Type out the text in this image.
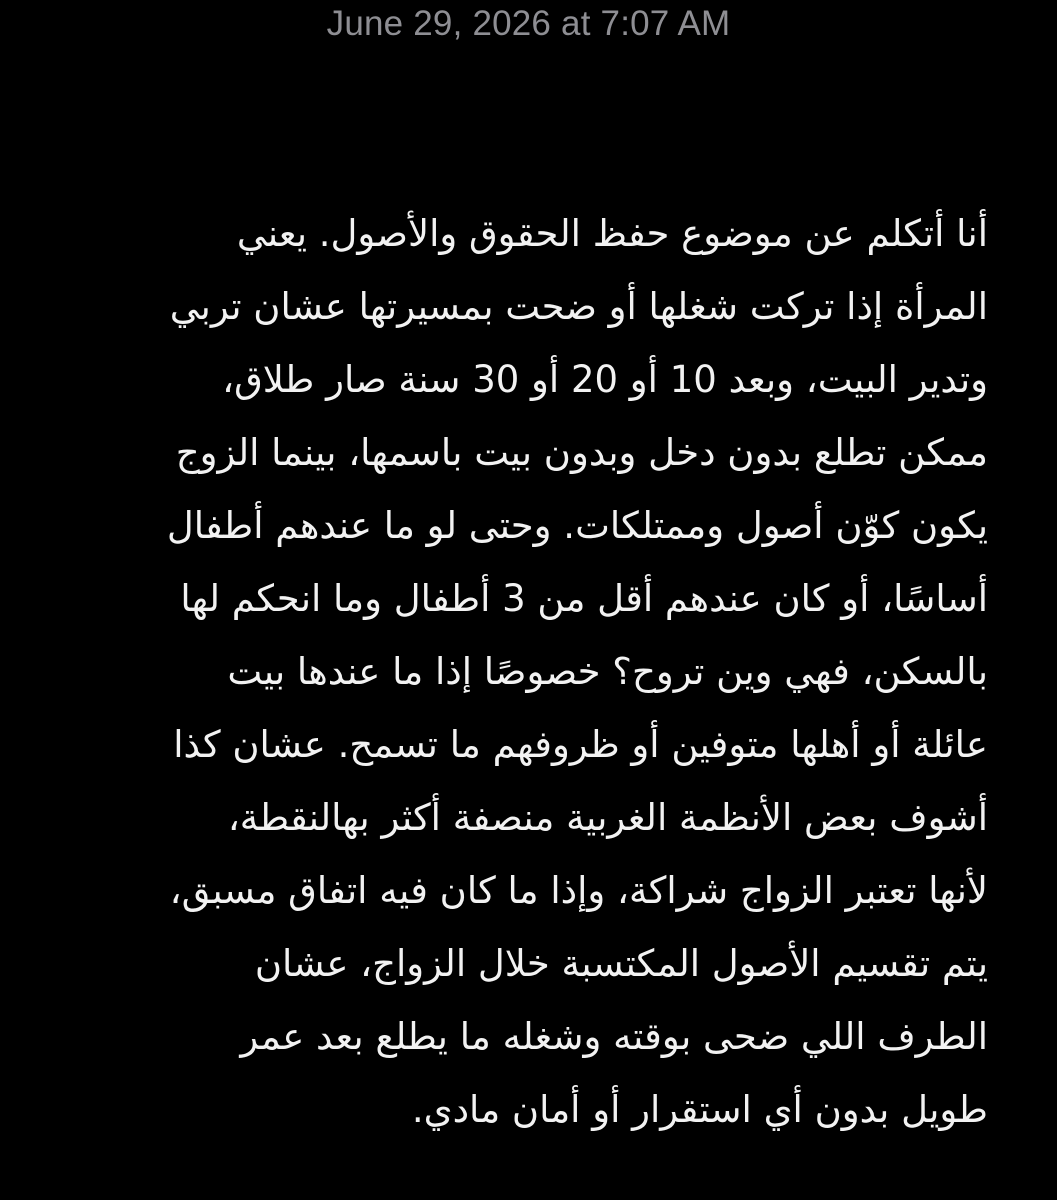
June 29, 2026 at 7:07 AM
أنا أتكلم عن موضوع حفظ الحقوق والأصول. يعني
المرأة إذا تركت شغلها أو ضحت بمسيرتها عشان تربي
وتدير البيت، وبعد 10 أو 20 أو 30 سنة صار طلاق،
ممكن تطلع بدون دخل وبدون بيت باسمها، بينما الزوج
يكون كوّن أصول وممتلكات. وحتى لو ما عندهم أطفال
أساسًا، أو كان عندهم أقل من 3 أطفال وما انحكم لها
بالسكن، فهي وين تروح؟ خصوصًا إذا ما عندها بيت
عائلة أو أهلها متوفين أو ظروفهم ما تسمح. عشان كذا
أشوف بعض الأنظمة الغربية منصفة أكثر بهالنقطة،
لأنها تعتبر الزواج شراكة، وإذا ما كان فيه اتفاق مسبق،
يتم تقسيم الأصول المكتسبة خلال الزواج، عشان
الطرف اللي ضحى بوقته وشغله ما يطلع بعد عمر
طويل بدون أي استقرار أو أمان مادي.
